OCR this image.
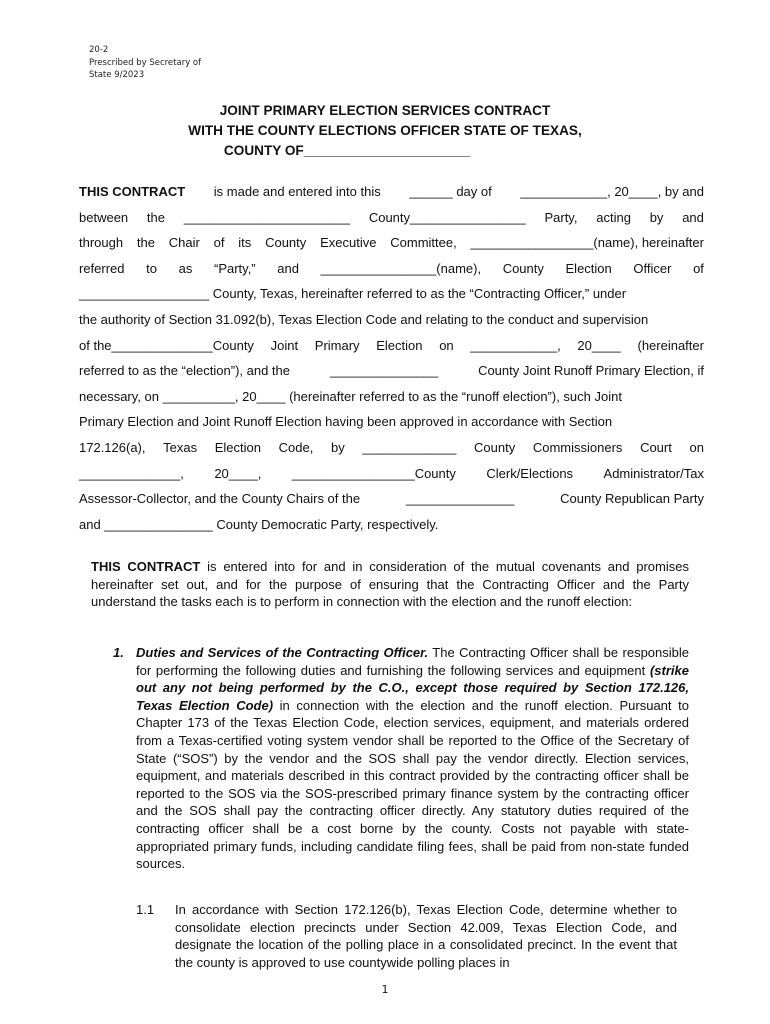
20-2
Prescribed by Secretary of
State 9/2023
JOINT PRIMARY ELECTION SERVICES CONTRACT
WITH THE COUNTY ELECTIONS OFFICER STATE OF TEXAS,
COUNTY OF______________________
THIS CONTRACT is made and entered into this ______ day of ____________, 20____, by and
between the _______________________ County________________ Party, acting by and
through the Chair of its County Executive Committee, _________________(name), hereinafter
referred to as “Party,” and ________________(name), County Election Officer of
__________________ County, Texas, hereinafter referred to as the “Contracting Officer,” under
the authority of Section 31.092(b), Texas Election Code and relating to the conduct and supervision
of the______________County Joint Primary Election on ____________, 20____ (hereinafter
referred to as the “election”), and the	_______________	County Joint Runoff Primary Election, if
necessary, on __________, 20____ (hereinafter referred to as the “runoff election”), such Joint
Primary Election and Joint Runoff Election having been approved in accordance with Section
172.126(a), Texas Election Code, by _____________ County Commissioners Court on
______________, 20____, _________________County Clerk/Elections Administrator/Tax
Assessor-Collector, and the County Chairs of the	_______________	County Republican Party
and _______________ County Democratic Party, respectively.
THIS CONTRACT is entered into for and in consideration of the mutual covenants and promises hereinafter set out, and for the purpose of ensuring that the Contracting Officer and the Party understand the tasks each is to perform in connection with the election and the runoff election:
1. Duties and Services of the Contracting Officer. The Contracting Officer shall be responsible for performing the following duties and furnishing the following services and equipment (strike out any not being performed by the C.O., except those required by Section 172.126, Texas Election Code) in connection with the election and the runoff election. Pursuant to Chapter 173 of the Texas Election Code, election services, equipment, and materials ordered from a Texas-certified voting system vendor shall be reported to the Office of the Secretary of State (“SOS”) by the vendor and the SOS shall pay the vendor directly. Election services, equipment, and materials described in this contract provided by the contracting officer shall be reported to the SOS via the SOS-prescribed primary finance system by the contracting officer and the SOS shall pay the contracting officer directly. Any statutory duties required of the contracting officer shall be a cost borne by the county. Costs not payable with state-appropriated primary funds, including candidate filing fees, shall be paid from non-state funded sources.
1.1 In accordance with Section 172.126(b), Texas Election Code, determine whether to consolidate election precincts under Section 42.009, Texas Election Code, and designate the location of the polling place in a consolidated precinct. In the event that the county is approved to use countywide polling places in
1
